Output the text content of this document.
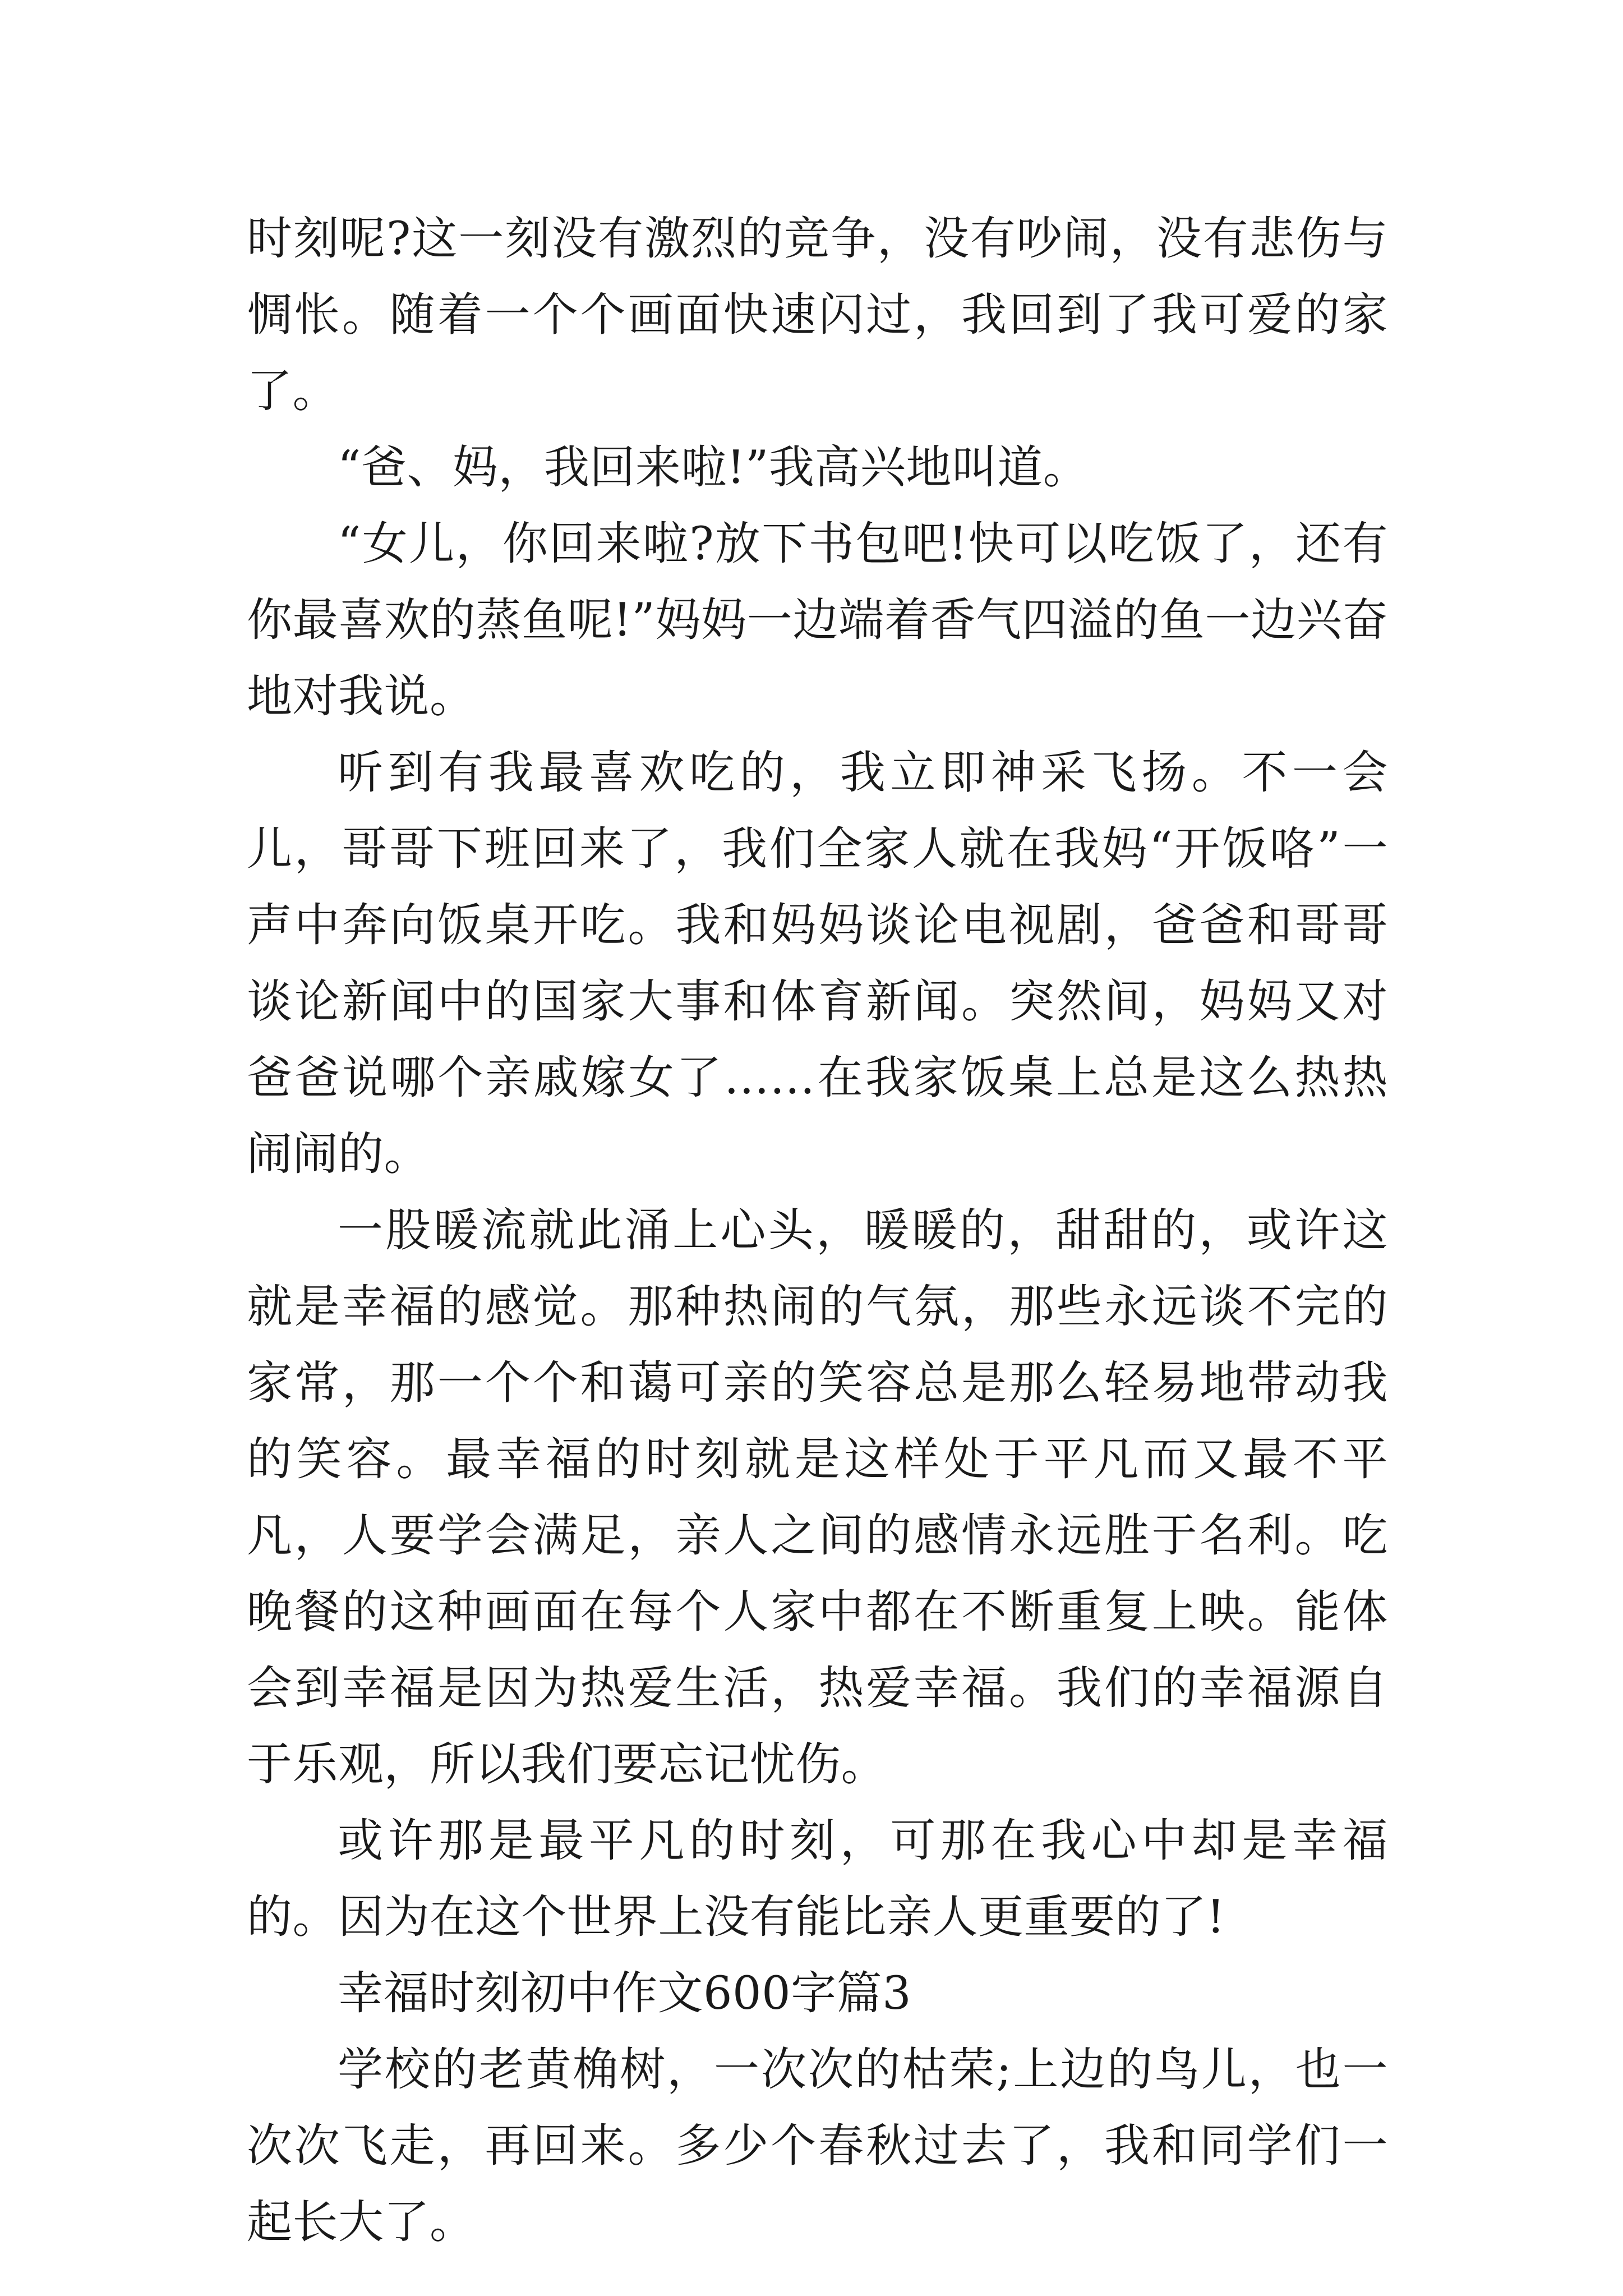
时刻呢?这一刻没有激烈的竞争，没有吵闹，没有悲伤与惆怅。随着一个个画面快速闪过，我回到了我可爱的家了。

“爸、妈，我回来啦!”我高兴地叫道。

“女儿，你回来啦?放下书包吧!快可以吃饭了，还有你最喜欢的蒸鱼呢!”妈妈一边端着香气四溢的鱼一边兴奋地对我说。

听到有我最喜欢吃的，我立即神采飞扬。不一会儿，哥哥下班回来了，我们全家人就在我妈“开饭咯”一声中奔向饭桌开吃。我和妈妈谈论电视剧，爸爸和哥哥谈论新闻中的国家大事和体育新闻。突然间，妈妈又对爸爸说哪个亲戚嫁女了……在我家饭桌上总是这么热热闹闹的。

一股暖流就此涌上心头，暖暖的，甜甜的，或许这就是幸福的感觉。那种热闹的气氛，那些永远谈不完的家常，那一个个和蔼可亲的笑容总是那么轻易地带动我的笑容。最幸福的时刻就是这样处于平凡而又最不平凡，人要学会满足，亲人之间的感情永远胜于名利。吃晚餐的这种画面在每个人家中都在不断重复上映。能体会到幸福是因为热爱生活，热爱幸福。我们的幸福源自于乐观，所以我们要忘记忧伤。

或许那是最平凡的时刻，可那在我心中却是幸福的。因为在这个世界上没有能比亲人更重要的了!

幸福时刻初中作文600字篇3

学校的老黄桷树，一次次的枯荣;上边的鸟儿，也一次次飞走，再回来。多少个春秋过去了，我和同学们一起长大了。
